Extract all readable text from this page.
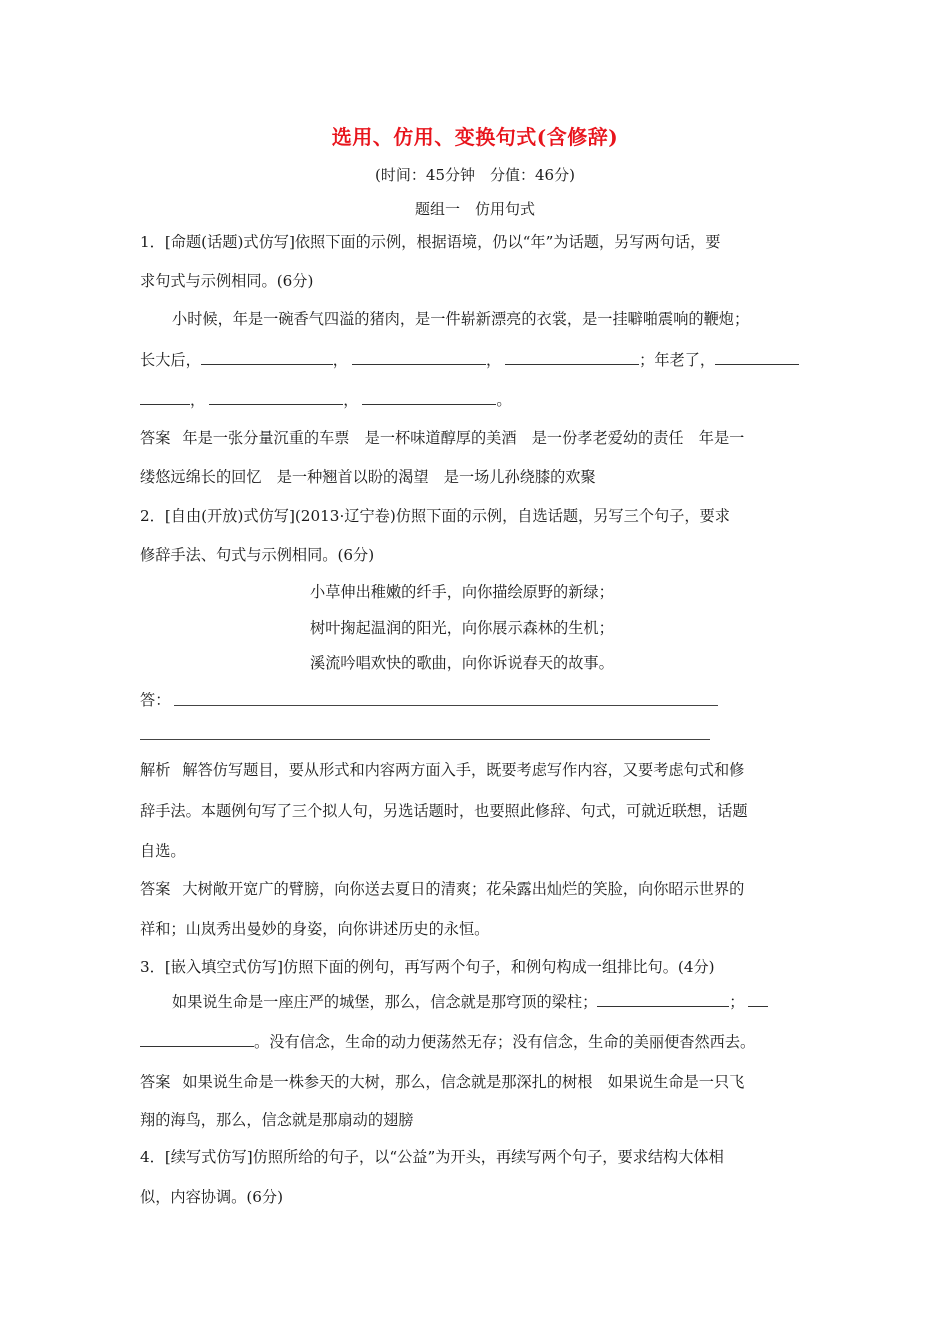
选用、仿用、变换句式(含修辞)
(时间：45分钟　分值：46分)
题组一　仿用句式
1．[命题(话题)式仿写]依照下面的示例，根据语境，仍以“年”为话题，另写两句话，要
求句式与示例相同。(6分)
小时候，年是一碗香气四溢的猪肉，是一件崭新漂亮的衣裳，是一挂噼啪震响的鞭炮；
长大后，	，	，	；年老了，
，	，	。
答案 年是一张分量沉重的车票　是一杯味道醇厚的美酒　是一份孝老爱幼的责任　年是一
缕悠远绵长的回忆　是一种翘首以盼的渴望　是一场儿孙绕膝的欢聚
2．[自由(开放)式仿写](2013·辽宁卷)仿照下面的示例，自选话题，另写三个句子，要求
修辞手法、句式与示例相同。(6分)
小草伸出稚嫩的纤手，向你描绘原野的新绿；
树叶掬起温润的阳光，向你展示森林的生机；
溪流吟唱欢快的歌曲，向你诉说春天的故事。
答：
解析 解答仿写题目，要从形式和内容两方面入手，既要考虑写作内容，又要考虑句式和修
辞手法。本题例句写了三个拟人句，另选话题时，也要照此修辞、句式，可就近联想，话题
自选。
答案 大树敞开宽广的臂膀，向你送去夏日的清爽；花朵露出灿烂的笑脸，向你昭示世界的
祥和；山岚秀出曼妙的身姿，向你讲述历史的永恒。
3．[嵌入填空式仿写]仿照下面的例句，再写两个句子，和例句构成一组排比句。(4分)
如果说生命是一座庄严的城堡，那么，信念就是那穹顶的梁柱；	；
。没有信念，生命的动力便荡然无存；没有信念，生命的美丽便杳然西去。
答案 如果说生命是一株参天的大树，那么，信念就是那深扎的树根　如果说生命是一只飞
翔的海鸟，那么，信念就是那扇动的翅膀
4．[续写式仿写]仿照所给的句子，以“公益”为开头，再续写两个句子，要求结构大体相
似，内容协调。(6分)
